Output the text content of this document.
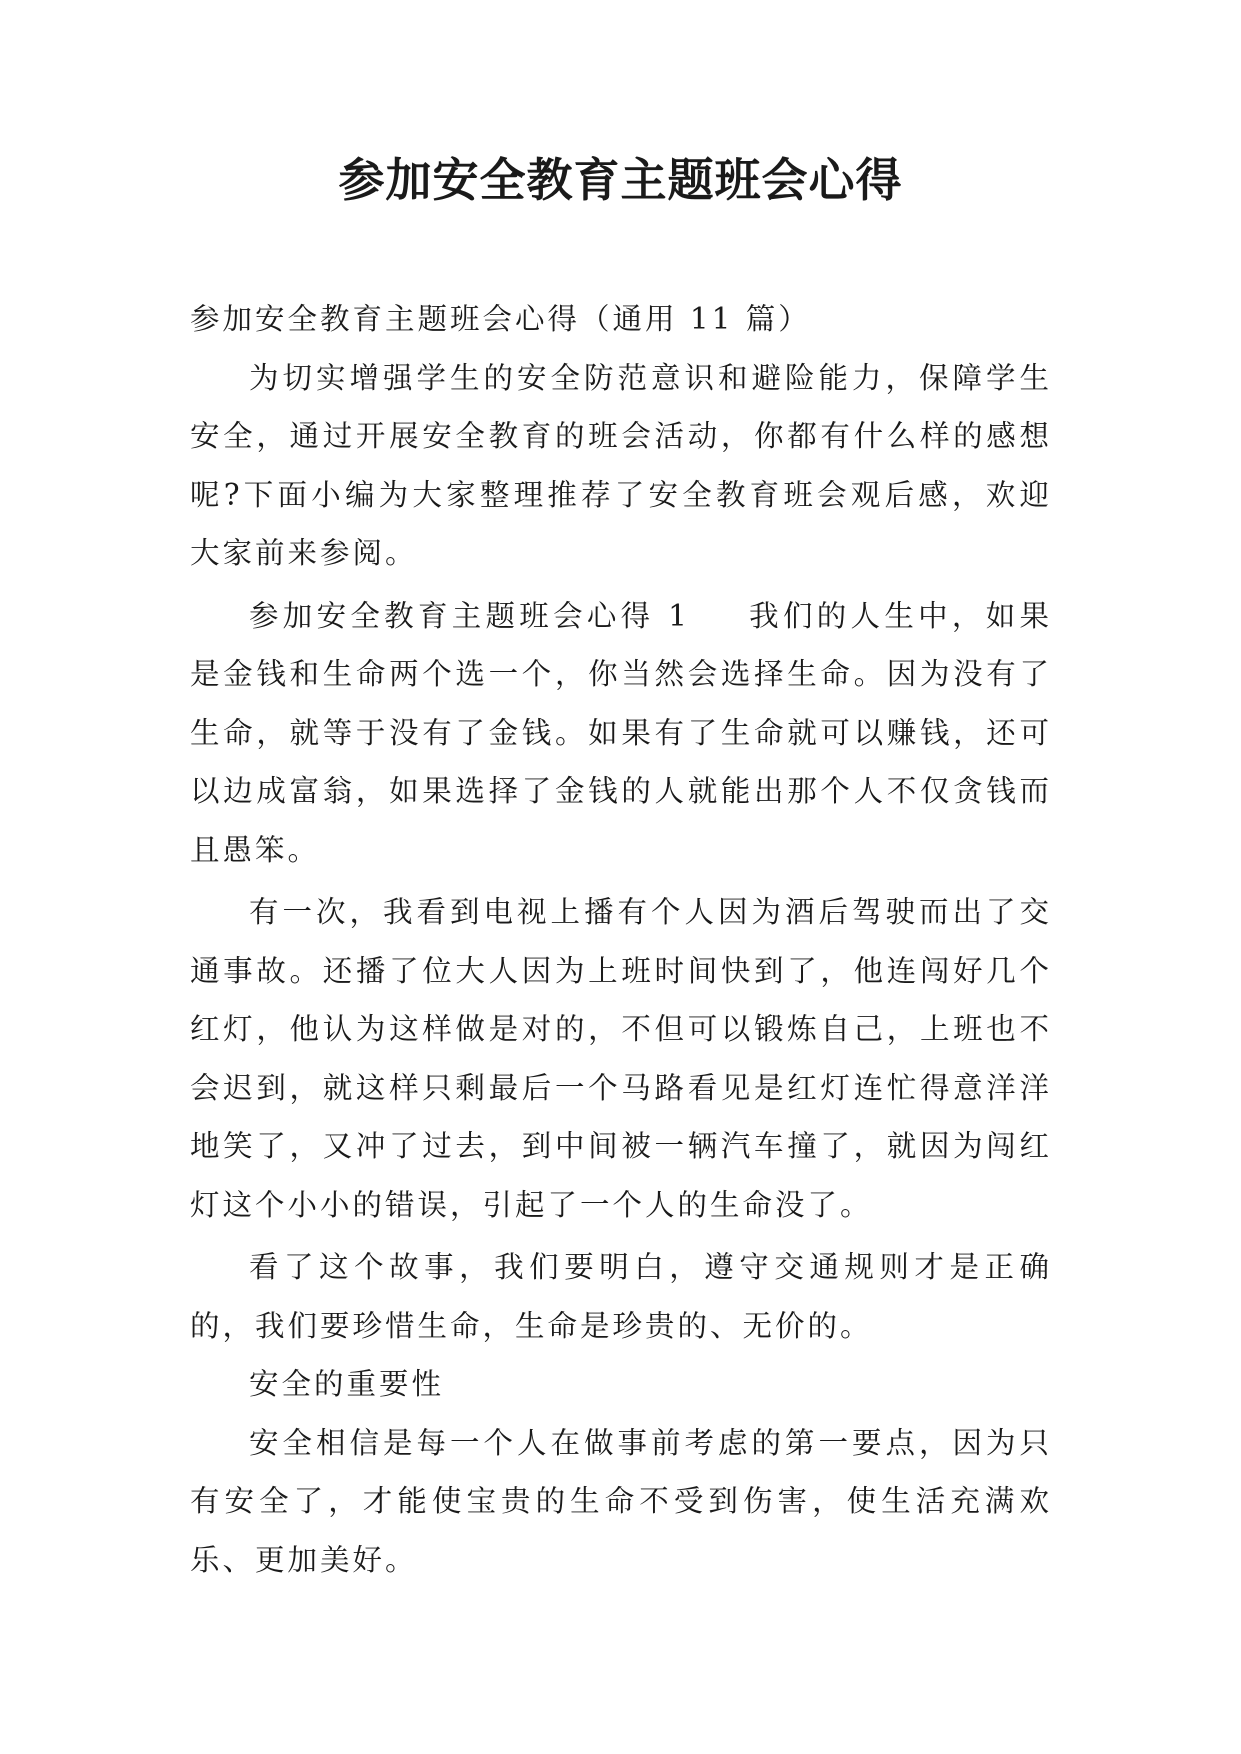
参加安全教育主题班会心得

参加安全教育主题班会心得（通用 11 篇）

为切实增强学生的安全防范意识和避险能力，保障学生安全，通过开展安全教育的班会活动，你都有什么样的感想呢?下面小编为大家整理推荐了安全教育班会观后感，欢迎大家前来参阅。

参加安全教育主题班会心得 1 我们的人生中，如果是金钱和生命两个选一个，你当然会选择生命。因为没有了生命，就等于没有了金钱。如果有了生命就可以赚钱，还可以边成富翁，如果选择了金钱的人就能出那个人不仅贪钱而且愚笨。

有一次，我看到电视上播有个人因为酒后驾驶而出了交通事故。还播了位大人因为上班时间快到了，他连闯好几个红灯，他认为这样做是对的，不但可以锻炼自己，上班也不会迟到，就这样只剩最后一个马路看见是红灯连忙得意洋洋地笑了，又冲了过去，到中间被一辆汽车撞了，就因为闯红灯这个小小的错误，引起了一个人的生命没了。

看了这个故事，我们要明白，遵守交通规则才是正确的，我们要珍惜生命，生命是珍贵的、无价的。

安全的重要性

安全相信是每一个人在做事前考虑的第一要点，因为只有安全了，才能使宝贵的生命不受到伤害，使生活充满欢乐、更加美好。
